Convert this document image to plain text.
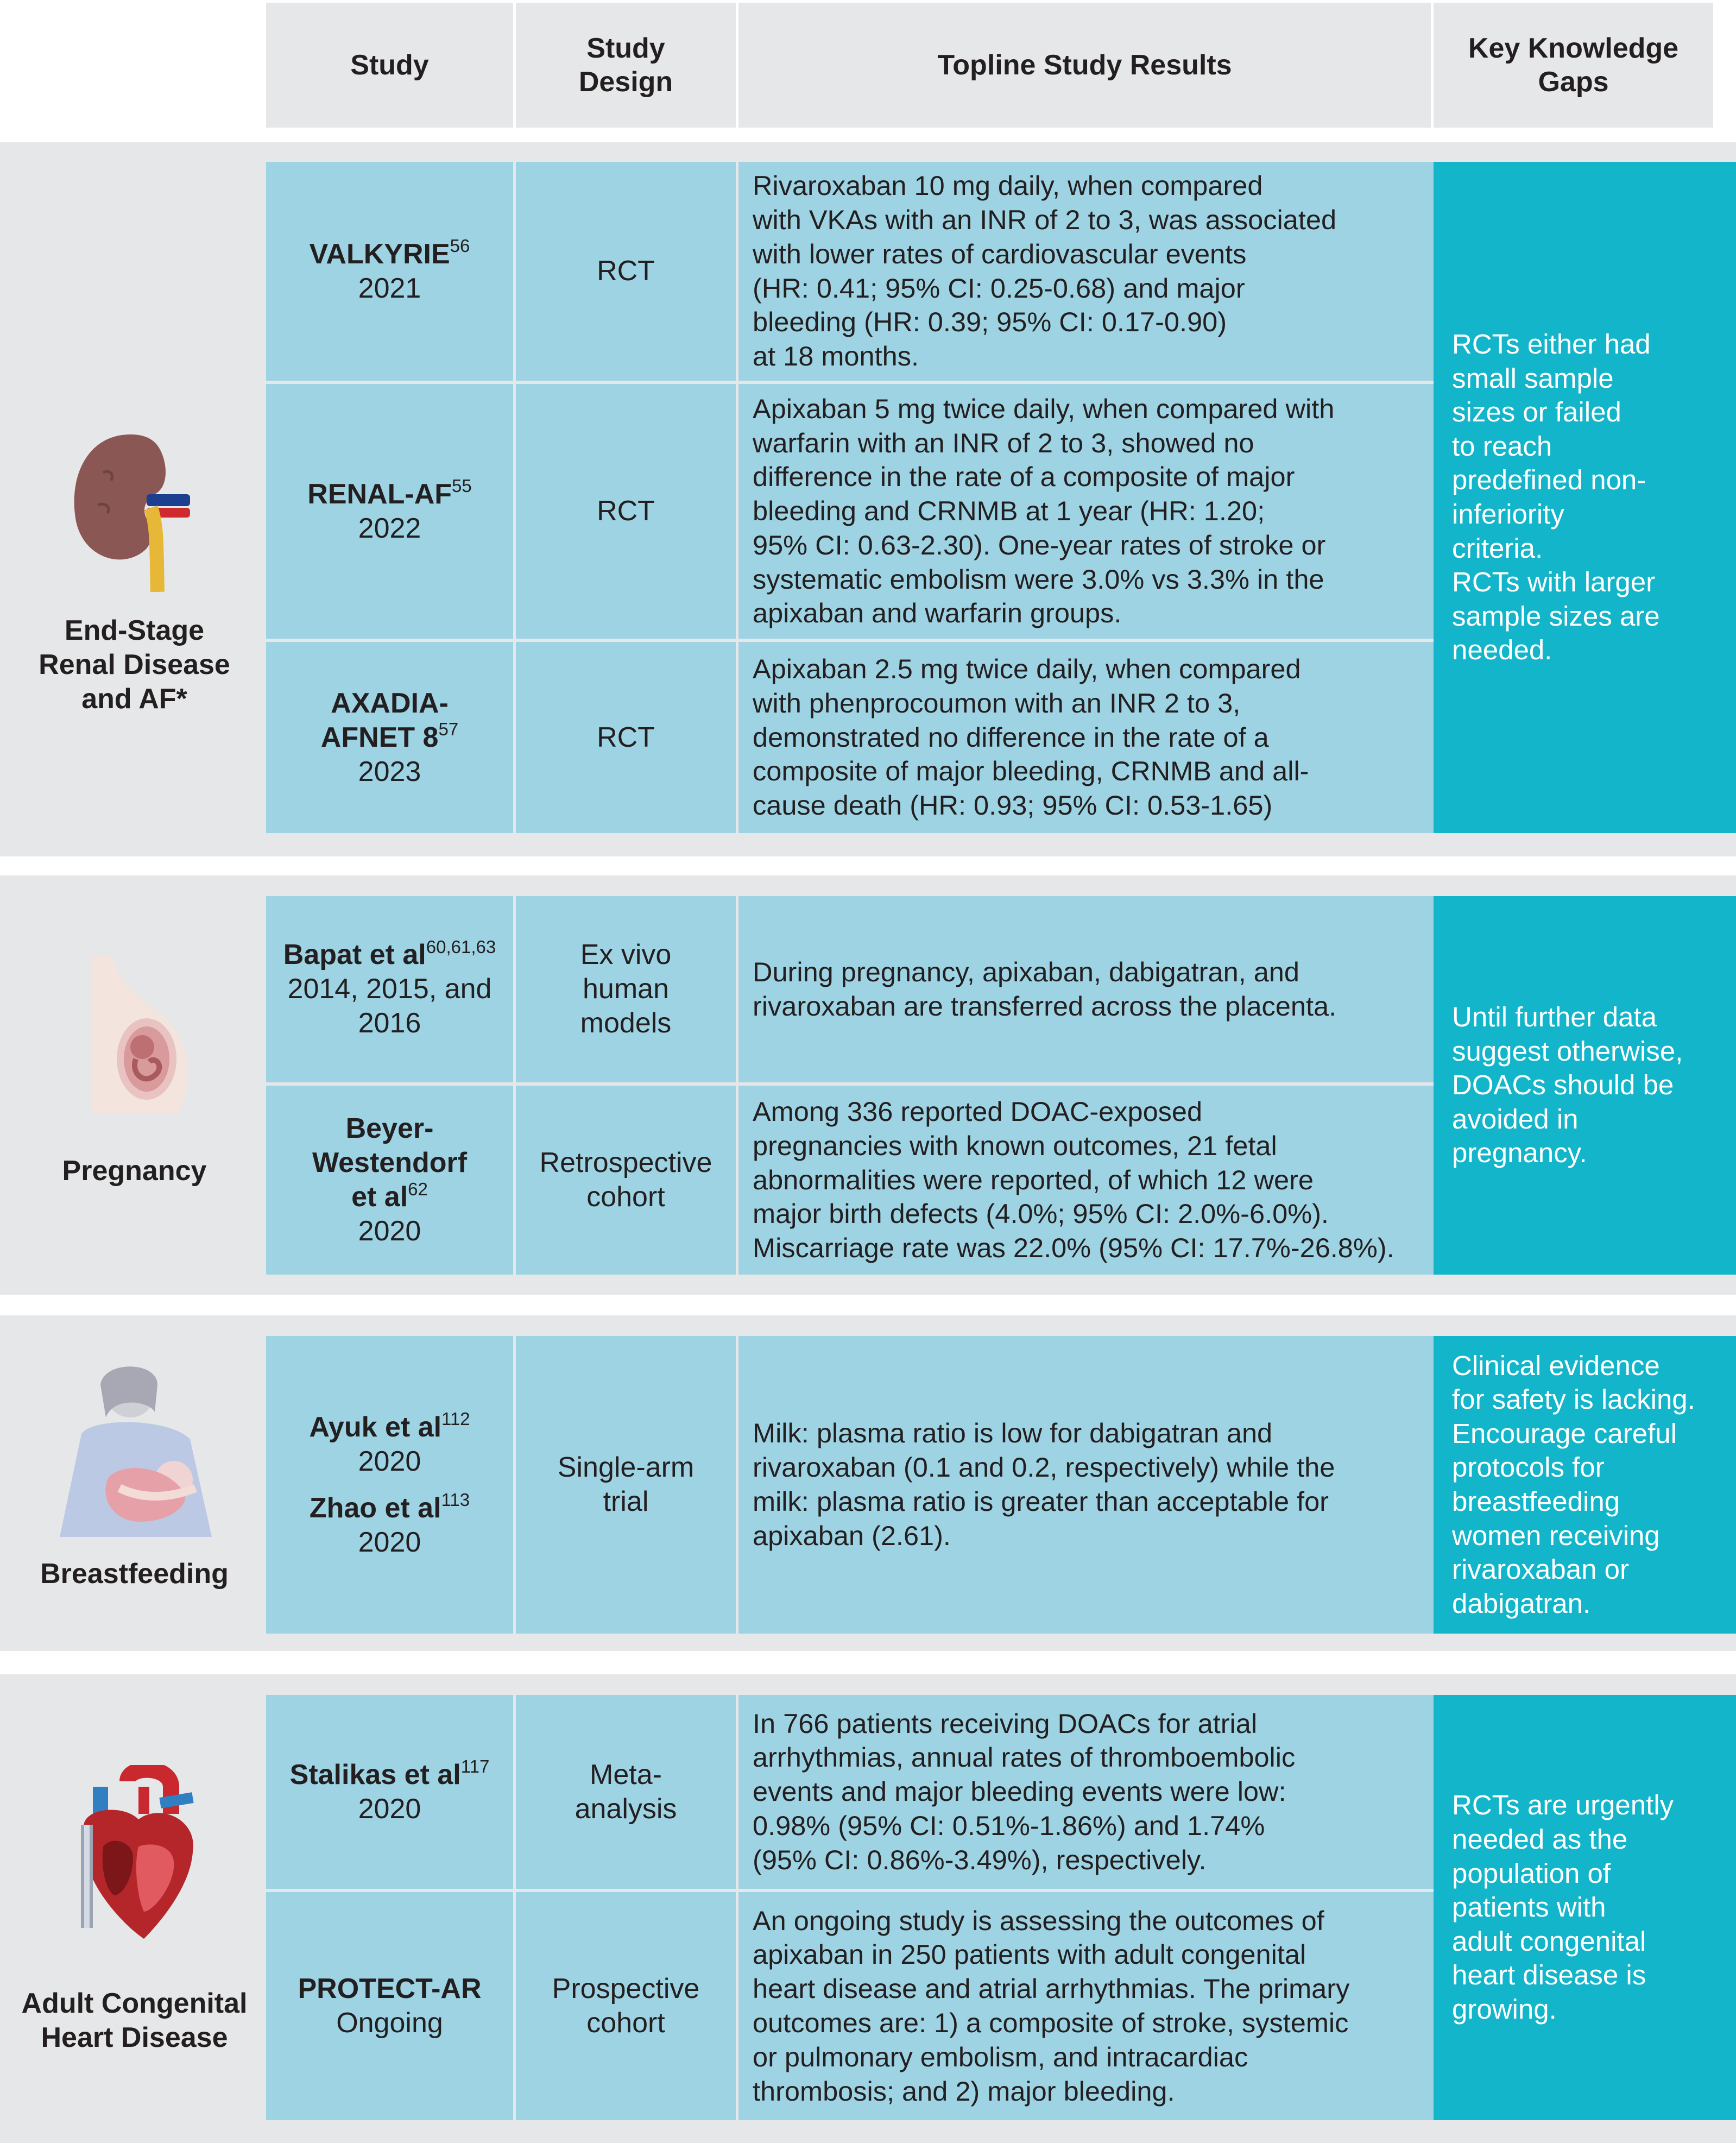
Study
Study
Design
Topline Study Results
Key Knowledge
Gaps
End-Stage
Renal Disease
and AF*
VALKYRIE$^{56}$
2021
RCT
Rivaroxaban 10 mg daily, when compared
with VKAs with an INR of 2 to 3, was associated
with lower rates of cardiovascular events
(HR: 0.41; 95% CI: 0.25-0.68) and major
bleeding (HR: 0.39; 95% CI: 0.17-0.90)
at 18 months.
RENAL-AF$^{55}$
2022
RCT
Apixaban 5 mg twice daily, when compared with
warfarin with an INR of 2 to 3, showed no
difference in the rate of a composite of major
bleeding and CRNMB at 1 year (HR: 1.20;
95% CI: 0.63-2.30). One-year rates of stroke or
systematic embolism were 3.0% vs 3.3% in the
apixaban and warfarin groups.
AXADIA-
AFNET $8^{57}$
2023
RCT
Apixaban 2.5 mg twice daily, when compared
with phenprocoumon with an INR 2 to 3,
demonstrated no difference in the rate of a
composite of major bleeding, CRNMB and all-
cause death (HR: 0.93; 95% CI: 0.53-1.65)
RCTs either had
small sample
sizes or failed
to reach
predefined non-
inferiority
criteria.
RCTs with larger
sample sizes are
needed.
Pregnancy
Bapat et al$^{60,61,63}$
2014, 2015, and
2016
Ex vivo
human
models
During pregnancy, apixaban, dabigatran, and
rivaroxaban are transferred across the placenta.
Beyer-
Westendorf
et $al^{62}$
2020
Retrospective
cohort
Among 336 reported DOAC-exposed
pregnancies with known outcomes, 21 fetal
abnormalities were reported, of which 12 were
major birth defects (4.0%; 95% CI: 2.0%-6.0%).
Miscarriage rate was 22.0% (95% CI: 17.7%-26.8%).
Until further data
suggest otherwise,
DOACs should be
avoided in
pregnancy.
Breastfeeding
Ayuk et $al^{112}$
2020
Zhao et $al^{113}$
2020
Single-arm
trial
Milk: plasma ratio is low for dabigatran and
rivaroxaban (0.1 and 0.2, respectively) while the
milk: plasma ratio is greater than acceptable for
apixaban (2.61).
Clinical evidence
for safety is lacking.
Encourage careful
protocols for
breastfeeding
women receiving
rivaroxaban or
dabigatran.
Adult Congenital
Heart Disease
Stalikas et $al^{117}$
2020
Meta-
analysis
In 766 patients receiving DOACs for atrial
arrhythmias, annual rates of thromboembolic
events and major bleeding events were low:
0.98% (95% CI: 0.51%-1.86%) and 1.74%
(95% CI: 0.86%-3.49%), respectively.
PROTECT-AR
Ongoing
Prospective
cohort
An ongoing study is assessing the outcomes of
apixaban in 250 patients with adult congenital
heart disease and atrial arrhythmias. The primary
outcomes are: 1) a composite of stroke, systemic
or pulmonary embolism, and intracardiac
thrombosis; and 2) major bleeding.
RCTs are urgently
needed as the
population of
patients with
adult congenital
heart disease is
growing.
